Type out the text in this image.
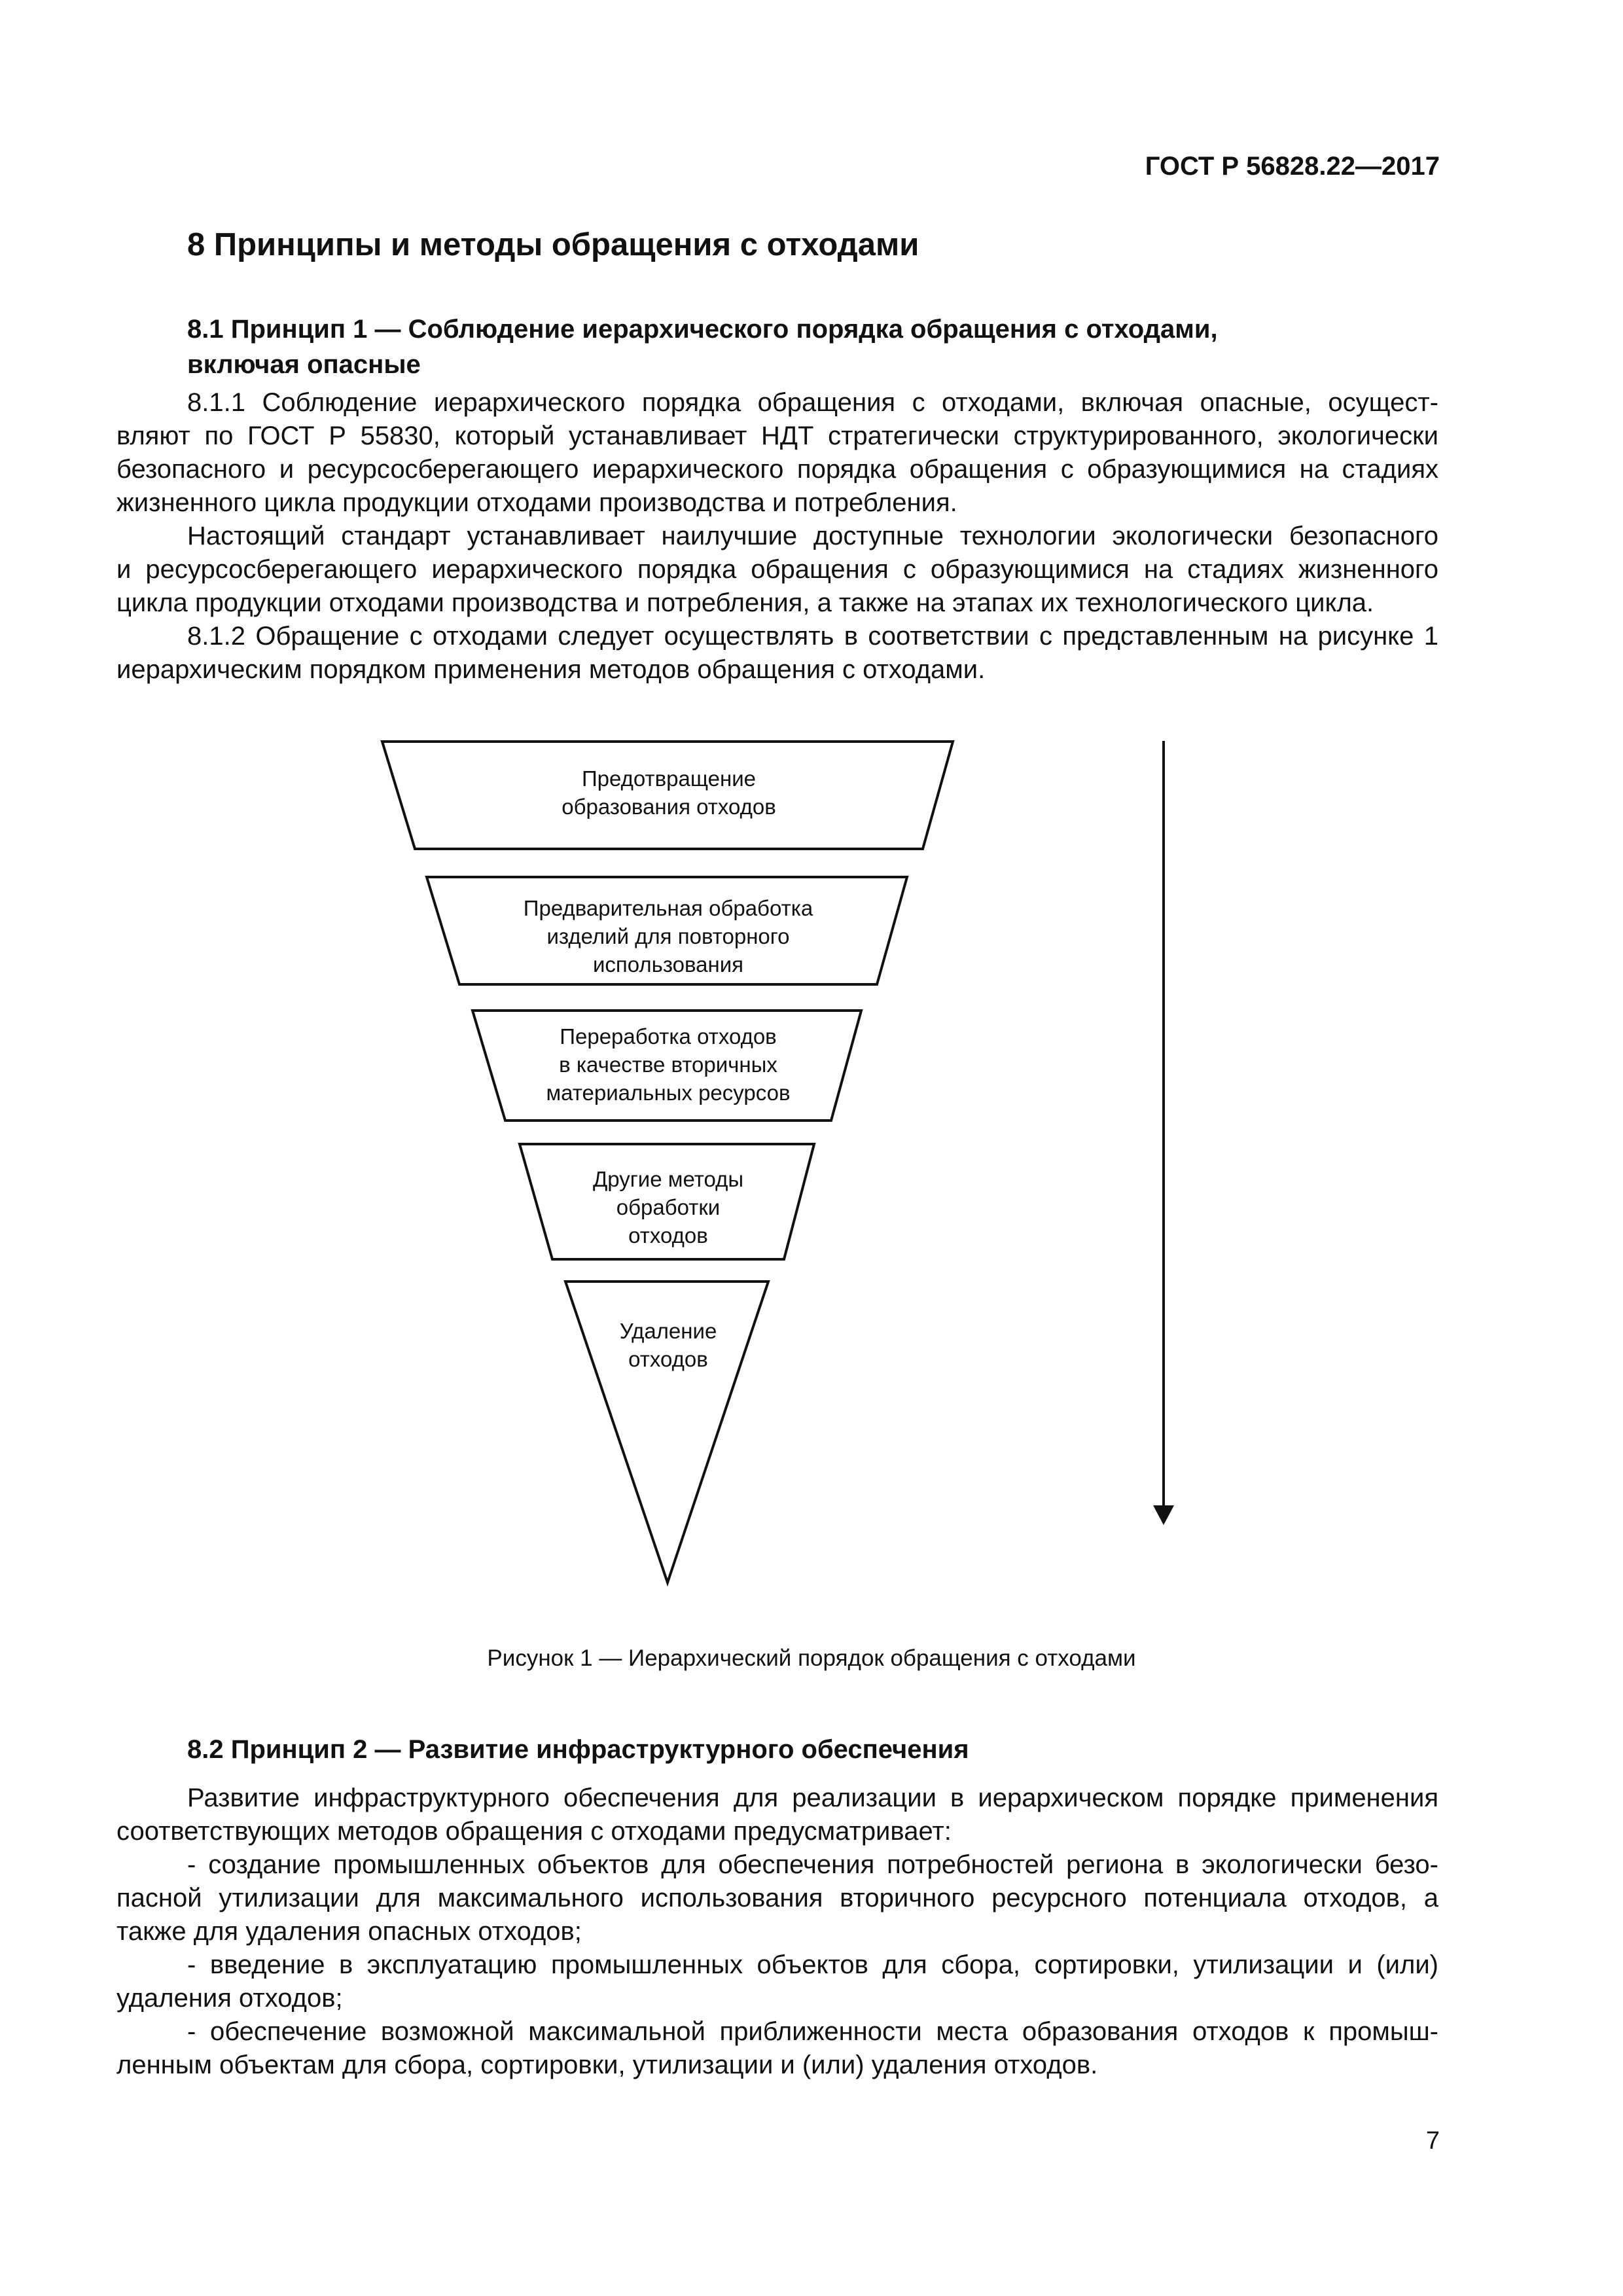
ГОСТ Р 56828.22—2017
8 Принципы и методы обращения с отходами
8.1 Принцип 1 — Соблюдение иерархического порядка обращения с отходами,
включая опасные
8.1.1 Соблюдение иерархического порядка обращения с отходами, включая опасные, осущест-
вляют по ГОСТ Р 55830, который устанавливает НДТ стратегически структурированного, экологически
безопасного и ресурсосберегающего иерархического порядка обращения с образующимися на стадиях
жизненного цикла продукции отходами производства и потребления.
Настоящий стандарт устанавливает наилучшие доступные технологии экологически безопасного
и ресурсосберегающего иерархического порядка обращения с образующимися на стадиях жизненного
цикла продукции отходами производства и потребления, а также на этапах их технологического цикла.
8.1.2 Обращение с отходами следует осуществлять в соответствии с представленным на рисунке 1
иерархическим порядком применения методов обращения с отходами.
Предотвращение
образования отходов
Предварительная обработка
изделий для повторного
использования
Переработка отходов
в качестве вторичных
материальных ресурсов
Другие методы
обработки
отходов
Удаление
отходов
Рисунок 1 — Иерархический порядок обращения с отходами
8.2 Принцип 2 — Развитие инфраструктурного обеспечения
Развитие инфраструктурного обеспечения для реализации в иерархическом порядке применения
соответствующих методов обращения с отходами предусматривает:
- создание промышленных объектов для обеспечения потребностей региона в экологически безо-
пасной утилизации для максимального использования вторичного ресурсного потенциала отходов, а
также для удаления опасных отходов;
- введение в эксплуатацию промышленных объектов для сбора, сортировки, утилизации и (или)
удаления отходов;
- обеспечение возможной максимальной приближенности места образования отходов к промыш-
ленным объектам для сбора, сортировки, утилизации и (или) удаления отходов.
7
